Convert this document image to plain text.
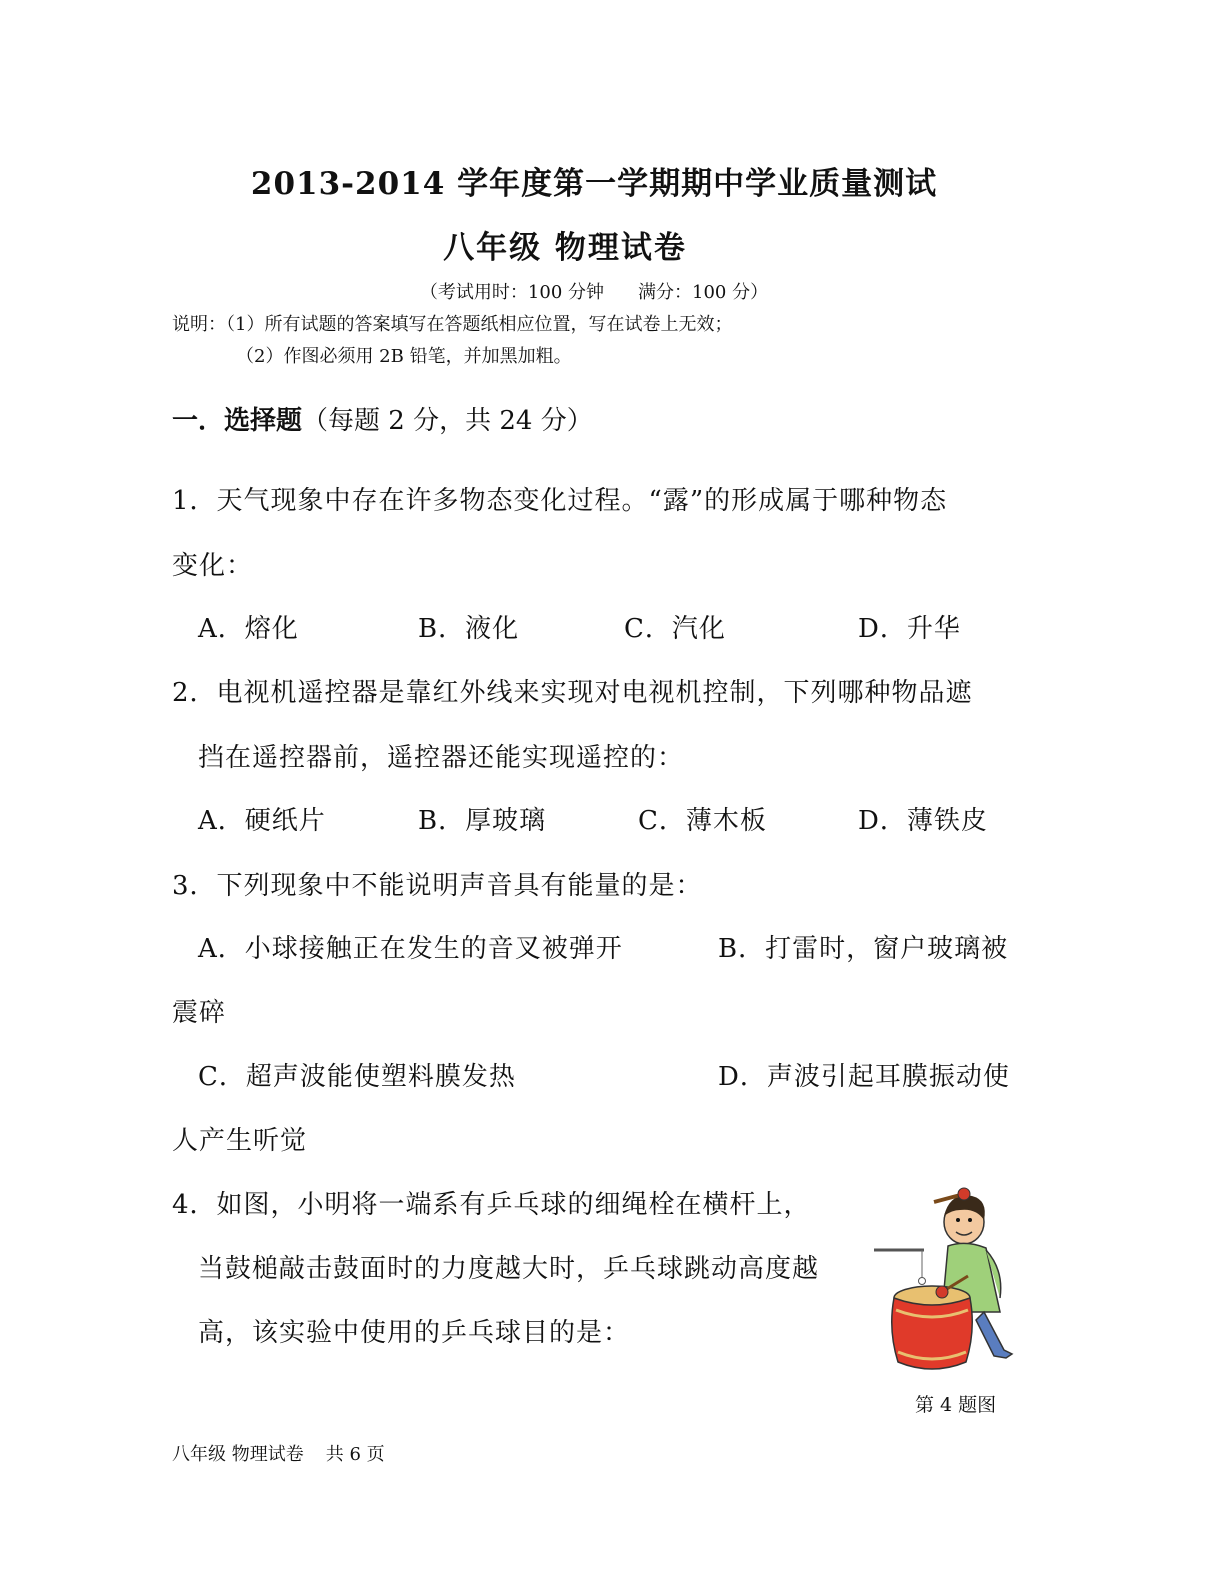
2013-2014 学年度第一学期期中学业质量测试
八年级 物理试卷
（考试用时：100 分钟 满分：100 分）
说明：（1）所有试题的答案填写在答题纸相应位置，写在试卷上无效；
（2）作图必须用 2B 铅笔，并加黑加粗。
一．选择题（每题 2 分，共 24 分）
1．天气现象中存在许多物态变化过程。“露”的形成属于哪种物态
变化：
A．熔化	B．液化	C．汽化	D．升华
2．电视机遥控器是靠红外线来实现对电视机控制，下列哪种物品遮
挡在遥控器前，遥控器还能实现遥控的：
A．硬纸片	B．厚玻璃	C．薄木板	D．薄铁皮
3．下列现象中不能说明声音具有能量的是：
A．小球接触正在发生的音叉被弹开	B．打雷时，窗户玻璃被
震碎
C．超声波能使塑料膜发热	D．声波引起耳膜振动使
人产生听觉
4．如图，小明将一端系有乒乓球的细绳栓在横杆上，
当鼓槌敲击鼓面时的力度越大时，乒乓球跳动高度越
高，该实验中使用的乒乓球目的是：
第 4 题图
八年级 物理试卷 共 6 页
